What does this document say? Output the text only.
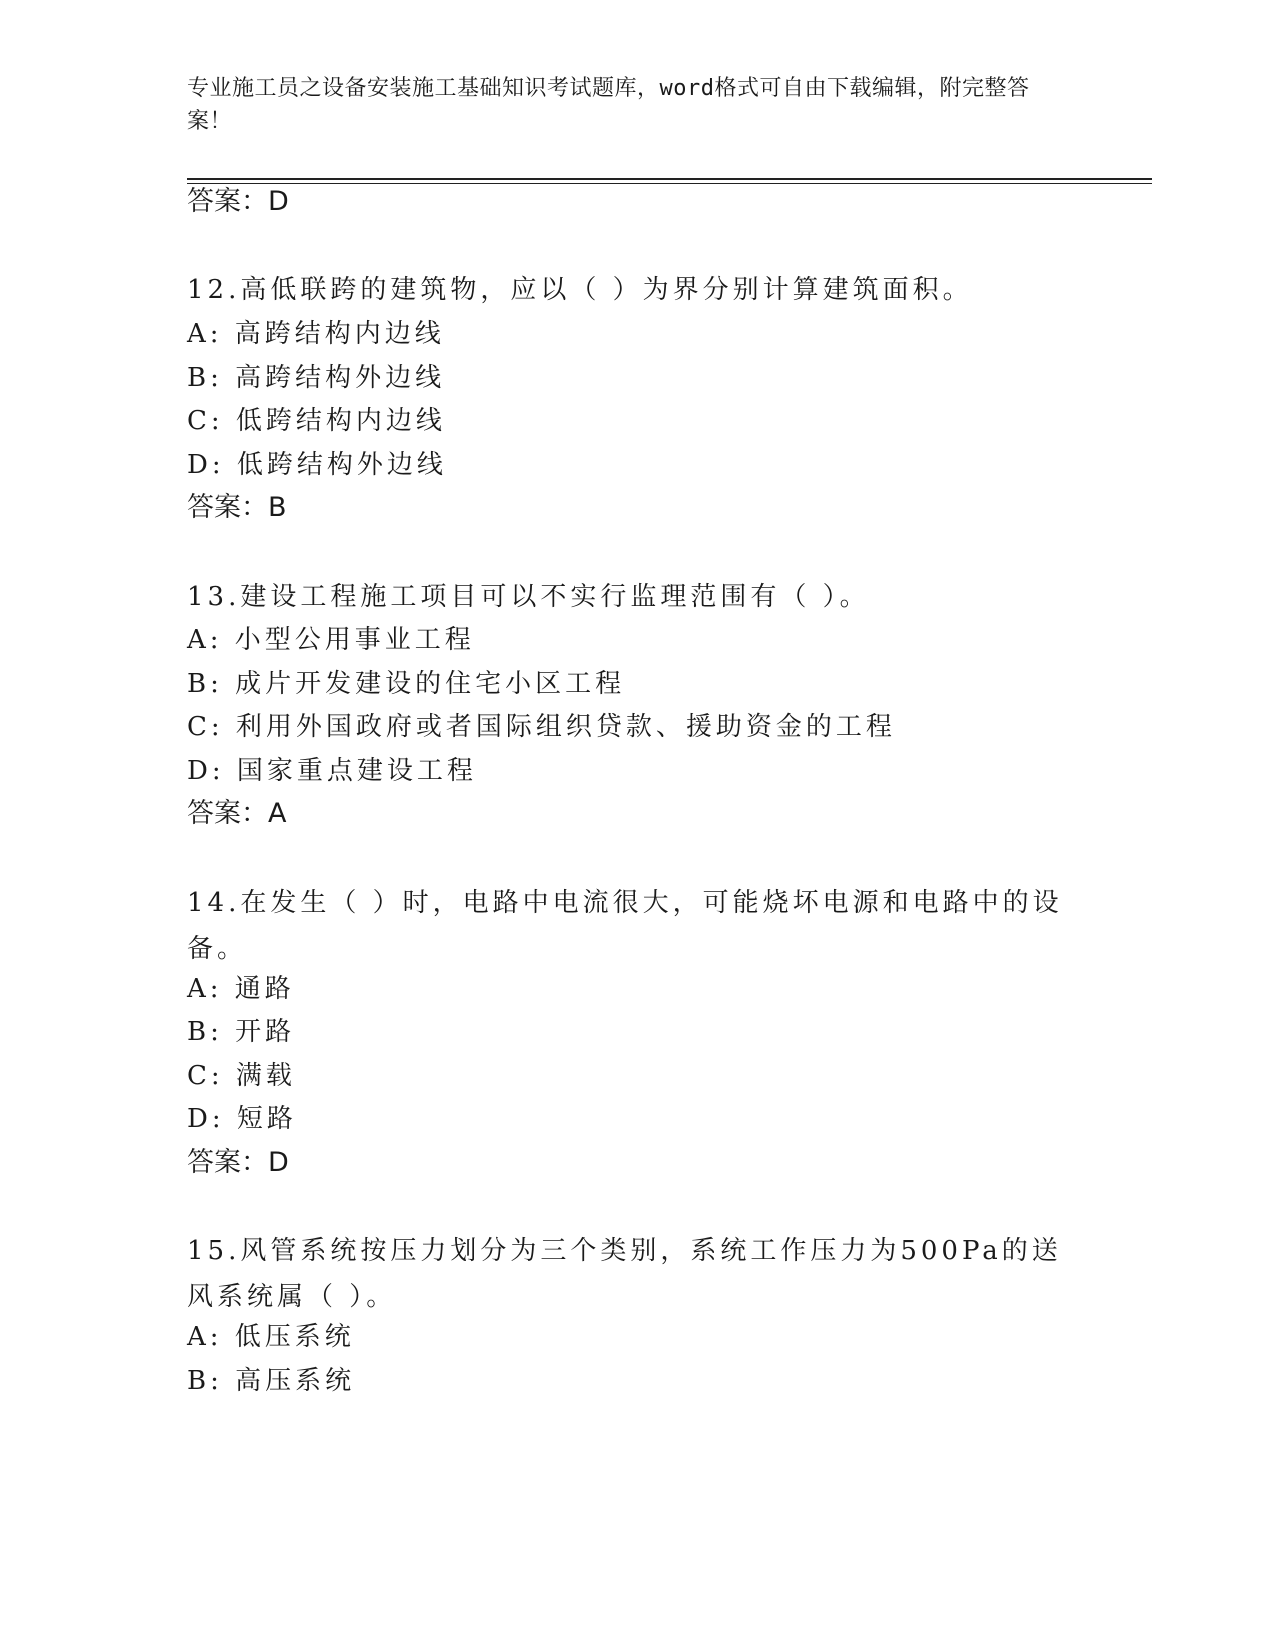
专业施工员之设备安装施工基础知识考试题库，word格式可自由下载编辑，附完整答案！
答案：D
12.高低联跨的建筑物，应以（ ）为界分别计算建筑面积。
A: 高跨结构内边线
B: 高跨结构外边线
C: 低跨结构内边线
D: 低跨结构外边线
答案：B
13.建设工程施工项目可以不实行监理范围有（ ）。
A: 小型公用事业工程
B: 成片开发建设的住宅小区工程
C: 利用外国政府或者国际组织贷款、援助资金的工程
D: 国家重点建设工程
答案：A
14.在发生（ ）时，电路中电流很大，可能烧坏电源和电路中的设备。
A: 通路
B: 开路
C: 满载
D: 短路
答案：D
15.风管系统按压力划分为三个类别，系统工作压力为500Pa的送风系统属（ ）。
A: 低压系统
B: 高压系统
